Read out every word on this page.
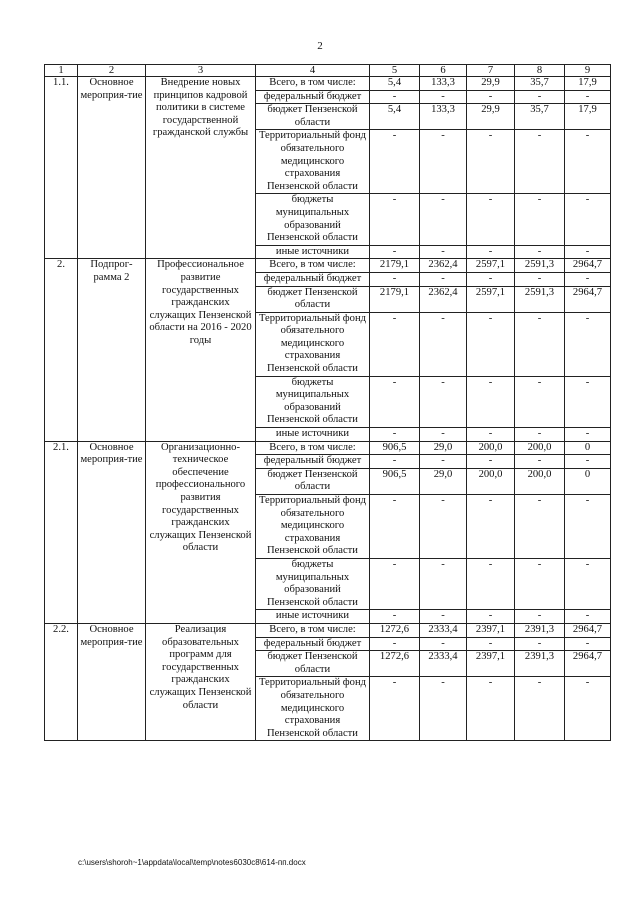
2
1	2	3	4	5	6	7	8	9
1.1.	Основное мероприя-тие	Внедрение новых принципов кадровой политики в системе государственной гражданской службы	Всего, в том числе:	5,4	133,3	29,9	35,7	17,9
			федеральный бюджет	-	-	-	-	-
			бюджет Пензенской области	5,4	133,3	29,9	35,7	17,9
			Территориальный фонд обязательного медицинского страхования Пензенской области	-	-	-	-	-
			бюджеты муниципальных образований Пензенской области	-	-	-	-	-
			иные источники	-	-	-	-	-
2.	Подпрог-рамма 2	Профессиональное развитие государственных гражданских служащих Пензенской области на 2016 - 2020 годы	Всего, в том числе:	2179,1	2362,4	2597,1	2591,3	2964,7
			федеральный бюджет	-	-	-	-	-
			бюджет Пензенской области	2179,1	2362,4	2597,1	2591,3	2964,7
			Территориальный фонд обязательного медицинского страхования Пензенской области	-	-	-	-	-
			бюджеты муниципальных образований Пензенской области	-	-	-	-	-
			иные источники	-	-	-	-	-
2.1.	Основное мероприя-тие	Организационно-техническое обеспечение профессионального развития государственных гражданских служащих Пензенской области	Всего, в том числе:	906,5	29,0	200,0	200,0	0
			федеральный бюджет	-	-	-	-	-
			бюджет Пензенской области	906,5	29,0	200,0	200,0	0
			Территориальный фонд обязательного медицинского страхования Пензенской области	-	-	-	-	-
			бюджеты муниципальных образований Пензенской области	-	-	-	-	-
			иные источники	-	-	-	-	-
2.2.	Основное мероприя-тие	Реализация образовательных программ для государственных гражданских служащих Пензенской области	Всего, в том числе:	1272,6	2333,4	2397,1	2391,3	2964,7
			федеральный бюджет	-	-	-	-	-
			бюджет Пензенской области	1272,6	2333,4	2397,1	2391,3	2964,7
			Территориальный фонд обязательного медицинского страхования Пензенской области	-	-	-	-	-
c:\users\shoroh~1\appdata\local\temp\notes6030c8\614-пп.docx
